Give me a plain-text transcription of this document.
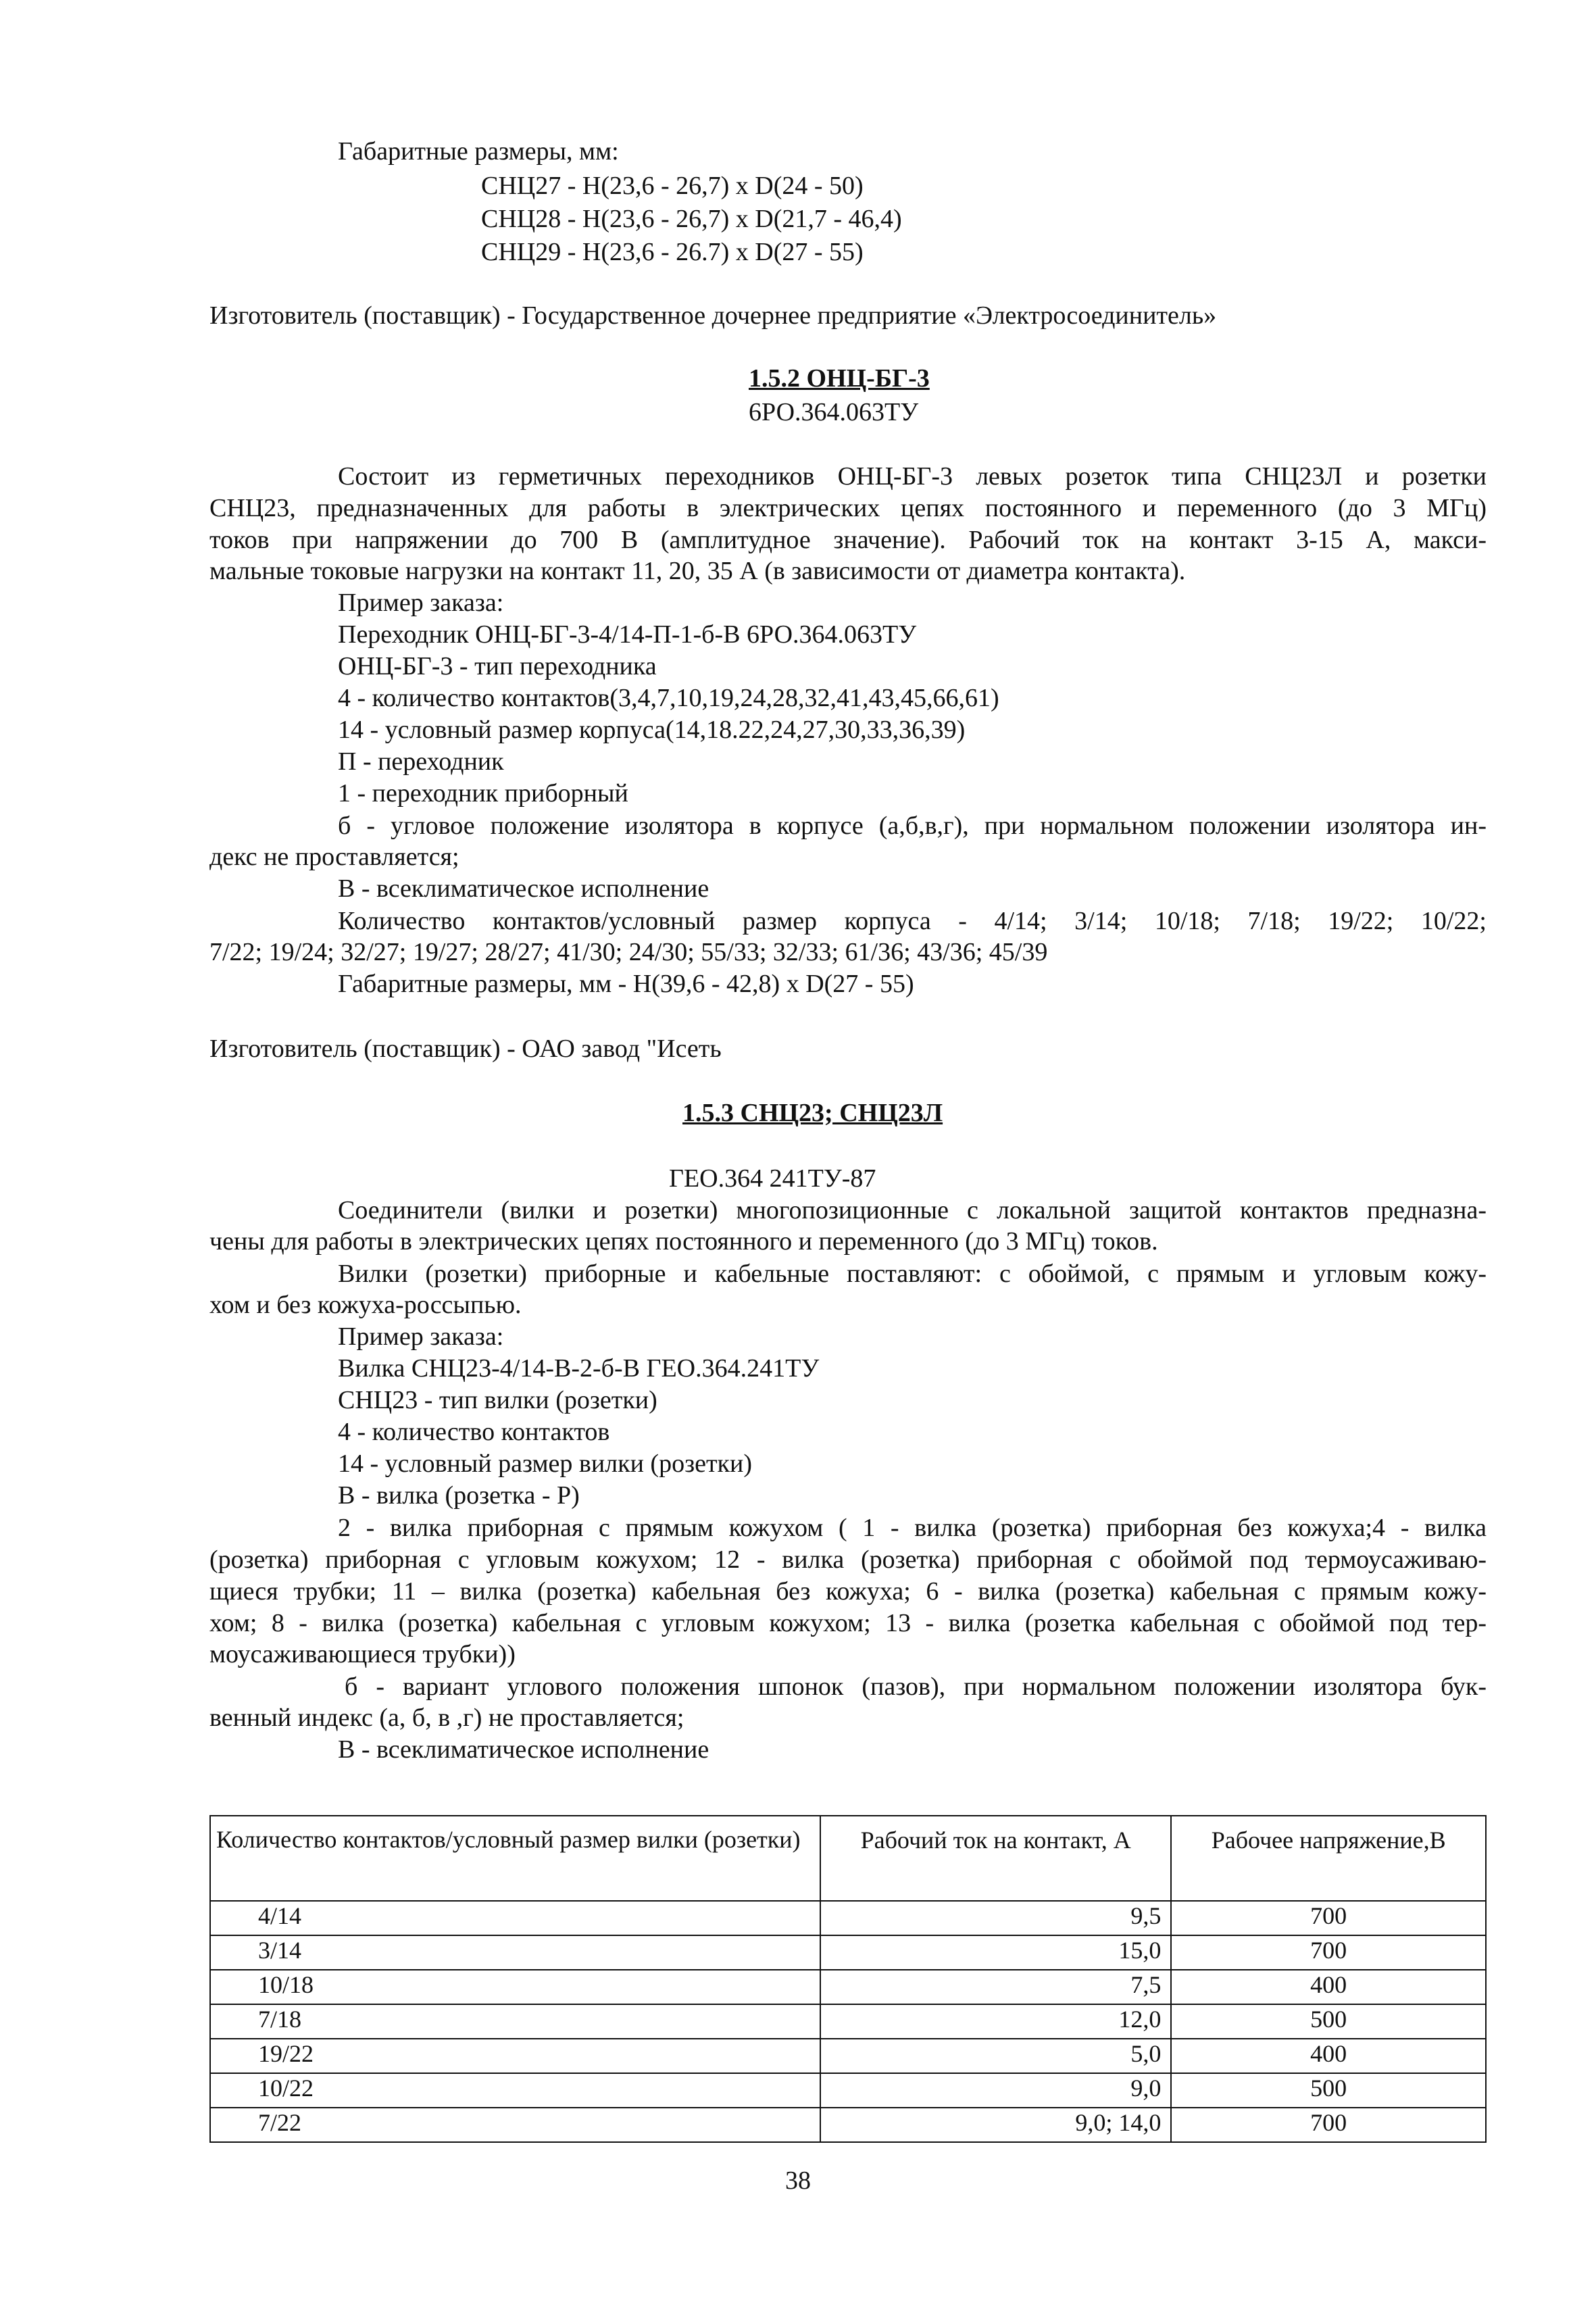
Габаритные размеры, мм:
СНЦ27 - Н(23,6 - 26,7) х D(24 - 50)
СНЦ28 - Н(23,6 - 26,7) х D(21,7 - 46,4)
СНЦ29 - Н(23,6 - 26.7) х D(27 - 55)
Изготовитель (поставщик) - Государственное дочернее предприятие «Электросоединитель»
1.5.2 ОНЦ-БГ-3
6РО.364.063ТУ
Состоит из герметичных переходников ОНЦ-БГ-3 левых розеток типа СНЦ23Л и розетки
СНЦ23, предназначенных для работы в электрических цепях постоянного и переменного (до 3 МГц)
токов при напряжении до 700 В (амплитудное значение). Рабочий ток на контакт 3-15 А, макси-
мальные токовые нагрузки на контакт 11, 20, 35 А (в зависимости от диаметра контакта).
Пример заказа:
Переходник ОНЦ-БГ-3-4/14-П-1-б-В 6РО.364.063ТУ
ОНЦ-БГ-3 - тип переходника
4 - количество контактов(3,4,7,10,19,24,28,32,41,43,45,66,61)
14 - условный размер корпуса(14,18.22,24,27,30,33,36,39)
П - переходник
1 - переходник приборный
б - угловое положение изолятора в корпусе (а,б,в,г), при нормальном положении изолятора ин-
декс не проставляется;
В - всеклиматическое исполнение
Количество контактов/условный размер корпуса - 4/14; 3/14; 10/18; 7/18; 19/22; 10/22;
7/22; 19/24; 32/27; 19/27; 28/27; 41/30; 24/30; 55/33; 32/33; 61/36; 43/36; 45/39
Габаритные размеры, мм - Н(39,6 - 42,8) х D(27 - 55)
Изготовитель (поставщик) - ОАО завод "Исеть
1.5.3 СНЦ23; СНЦ23Л
ГЕО.364 241ТУ-87
Соединители (вилки и розетки) многопозиционные с локальной защитой контактов предназна-
чены для работы в электрических цепях постоянного и переменного (до 3 МГц) токов.
Вилки (розетки) приборные и кабельные поставляют: с обоймой, с прямым и угловым кожу-
хом и без кожуха-россыпью.
Пример заказа:
Вилка СНЦ23-4/14-В-2-б-В ГЕО.364.241ТУ
СНЦ23 - тип вилки (розетки)
4 - количество контактов
14 - условный размер вилки (розетки)
В - вилка (розетка - Р)
2 - вилка приборная с прямым кожухом ( 1 - вилка (розетка) приборная без кожуха;4 - вилка
(розетка) приборная с угловым кожухом; 12 - вилка (розетка) приборная с обоймой под термоусаживаю-
щиеся трубки; 11 – вилка (розетка) кабельная без кожуха; 6 - вилка (розетка) кабельная с прямым кожу-
хом; 8 - вилка (розетка) кабельная с угловым кожухом; 13 - вилка (розетка кабельная с обоймой под тер-
моусаживающиеся трубки))
б - вариант углового положения шпонок (пазов), при нормальном положении изолятора бук-
венный индекс (а, б, в ,г) не проставляется;
В - всеклиматическое исполнение
Количество контактов/условный размер вилки (розетки)	Рабочий ток на контакт, А	Рабочее напряжение,В
4/14	9,5	700
3/14	15,0	700
10/18	7,5	400
7/18	12,0	500
19/22	5,0	400
10/22	9,0	500
7/22	9,0; 14,0	700
38
